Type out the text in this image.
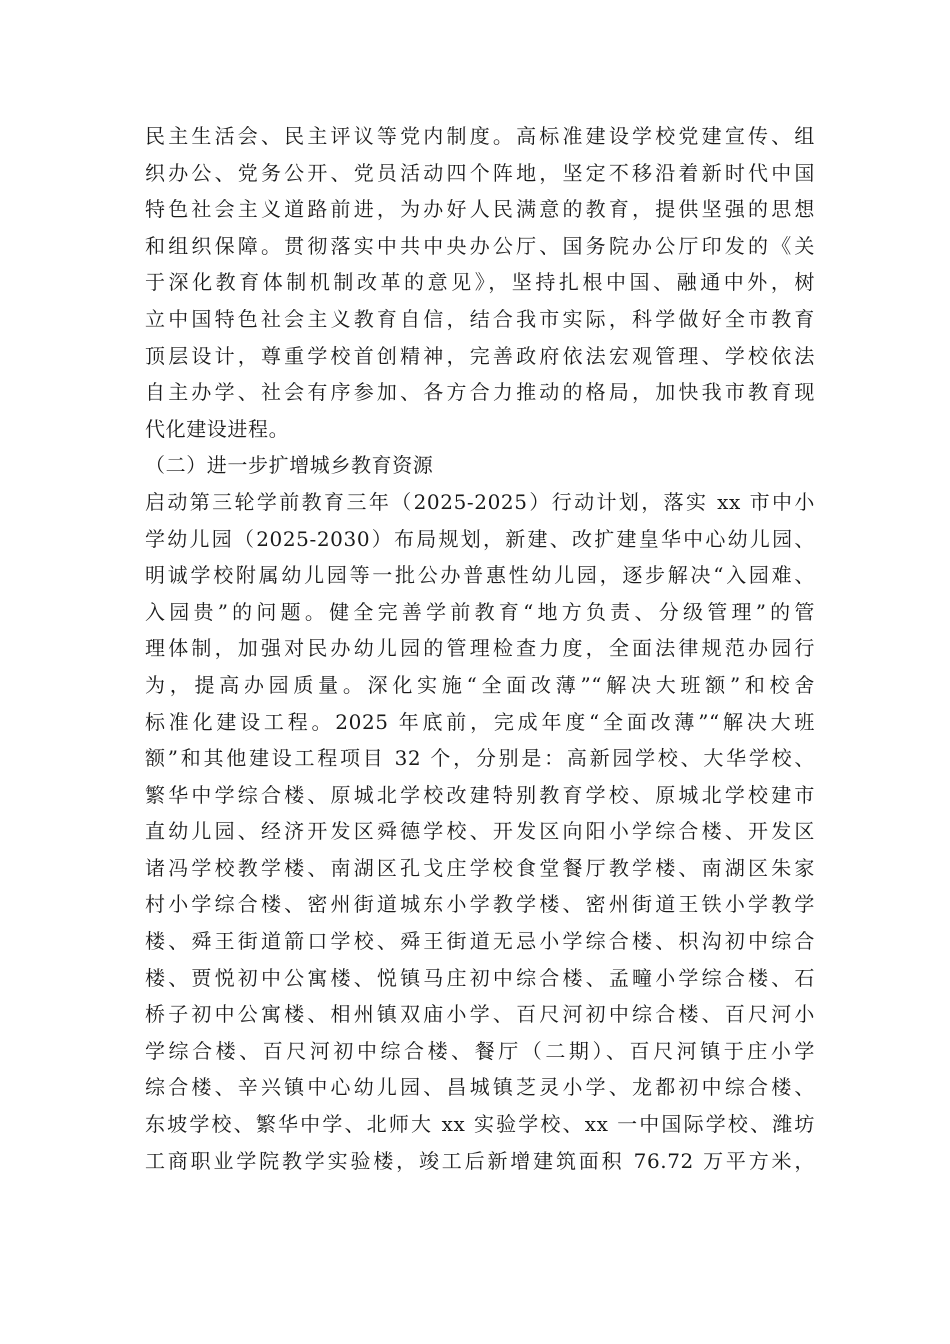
民主生活会、民主评议等党内制度。高标准建设学校党建宣传、组
织办公、党务公开、党员活动四个阵地，坚定不移沿着新时代中国
特色社会主义道路前进，为办好人民满意的教育，提供坚强的思想
和组织保障。贯彻落实中共中央办公厅、国务院办公厅印发的《关
于深化教育体制机制改革的意见》，坚持扎根中国、融通中外，树
立中国特色社会主义教育自信，结合我市实际，科学做好全市教育
顶层设计，尊重学校首创精神，完善政府依法宏观管理、学校依法
自主办学、社会有序参加、各方合力推动的格局，加快我市教育现
代化建设进程。
（二）进一步扩增城乡教育资源
启动第三轮学前教育三年（2025-2025）行动计划，落实 xx 市中小
学幼儿园（2025-2030）布局规划，新建、改扩建皇华中心幼儿园、
明诚学校附属幼儿园等一批公办普惠性幼儿园，逐步解决“入园难、
入园贵”的问题。健全完善学前教育“地方负责、分级管理”的管
理体制，加强对民办幼儿园的管理检查力度，全面法律规范办园行
为，提高办园质量。深化实施“全面改薄”“解决大班额”和校舍
标准化建设工程。2025 年底前，完成年度“全面改薄”“解决大班
额”和其他建设工程项目 32 个，分别是：高新园学校、大华学校、
繁华中学综合楼、原城北学校改建特别教育学校、原城北学校建市
直幼儿园、经济开发区舜德学校、开发区向阳小学综合楼、开发区
诸冯学校教学楼、南湖区孔戈庄学校食堂餐厅教学楼、南湖区朱家
村小学综合楼、密州街道城东小学教学楼、密州街道王铁小学教学
楼、舜王街道箭口学校、舜王街道无忌小学综合楼、枳沟初中综合
楼、贾悦初中公寓楼、悦镇马庄初中综合楼、孟疃小学综合楼、石
桥子初中公寓楼、相州镇双庙小学、百尺河初中综合楼、百尺河小
学综合楼、百尺河初中综合楼、餐厅（二期）、百尺河镇于庄小学
综合楼、辛兴镇中心幼儿园、昌城镇芝灵小学、龙都初中综合楼、
东坡学校、繁华中学、北师大 xx 实验学校、xx 一中国际学校、潍坊
工商职业学院教学实验楼，竣工后新增建筑面积 76.72 万平方米，
